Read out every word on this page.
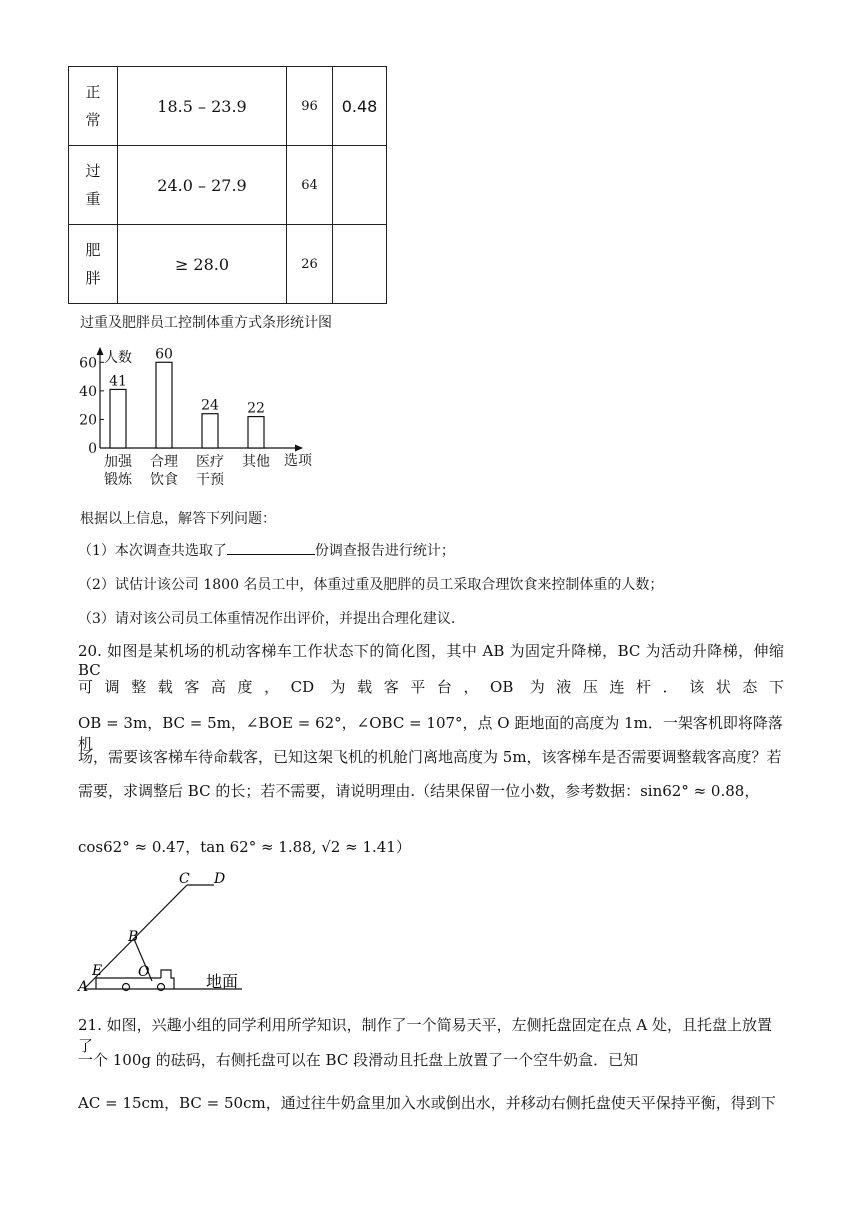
正
常	18.5 – 23.9	96	0.48
过
重	24.0 – 27.9	64	
肥
胖	≥ 28.0	26	
过重及肥胖员工控制体重方式条形统计图
人数
选项
0
20
40
60
41
加强
锻炼
60
合理
饮食
24
医疗
干预
22
其他
根据以上信息，解答下列问题：
（1）本次调查共选取了	份调查报告进行统计；
（2）试估计该公司 1800 名员工中，体重过重及肥胖的员工采取合理饮食来控制体重的人数；
（3）请对该公司员工体重情况作出评价，并提出合理化建议.
20. 如图是某机场的机动客梯车工作状态下的简化图，其中 AB 为固定升降梯，BC 为活动升降梯，伸缩 BC
可调整载客高度，CD 为载客平台，OB 为液压连杆．该状态下
OB = 3m，BC = 5m，∠BOE = 62°，∠OBC = 107°，点 O 距地面的高度为 1m．一架客机即将降落机
场，需要该客梯车待命载客，已知这架飞机的机舱门离地高度为 5m，该客梯车是否需要调整载客高度？若
需要，求调整后 BC 的长；若不需要，请说明理由.（结果保留一位小数，参考数据：sin62° ≈ 0.88，
cos62° ≈ 0.47，tan 62° ≈ 1.88, √2 ≈ 1.41）
C D
B
E	O
A	地面
21. 如图，兴趣小组的同学利用所学知识，制作了一个简易天平，左侧托盘固定在点 A 处，且托盘上放置了
一个 100g 的砝码，右侧托盘可以在 BC 段滑动且托盘上放置了一个空牛奶盒．已知
AC = 15cm，BC = 50cm，通过往牛奶盒里加入水或倒出水，并移动右侧托盘使天平保持平衡，得到下
